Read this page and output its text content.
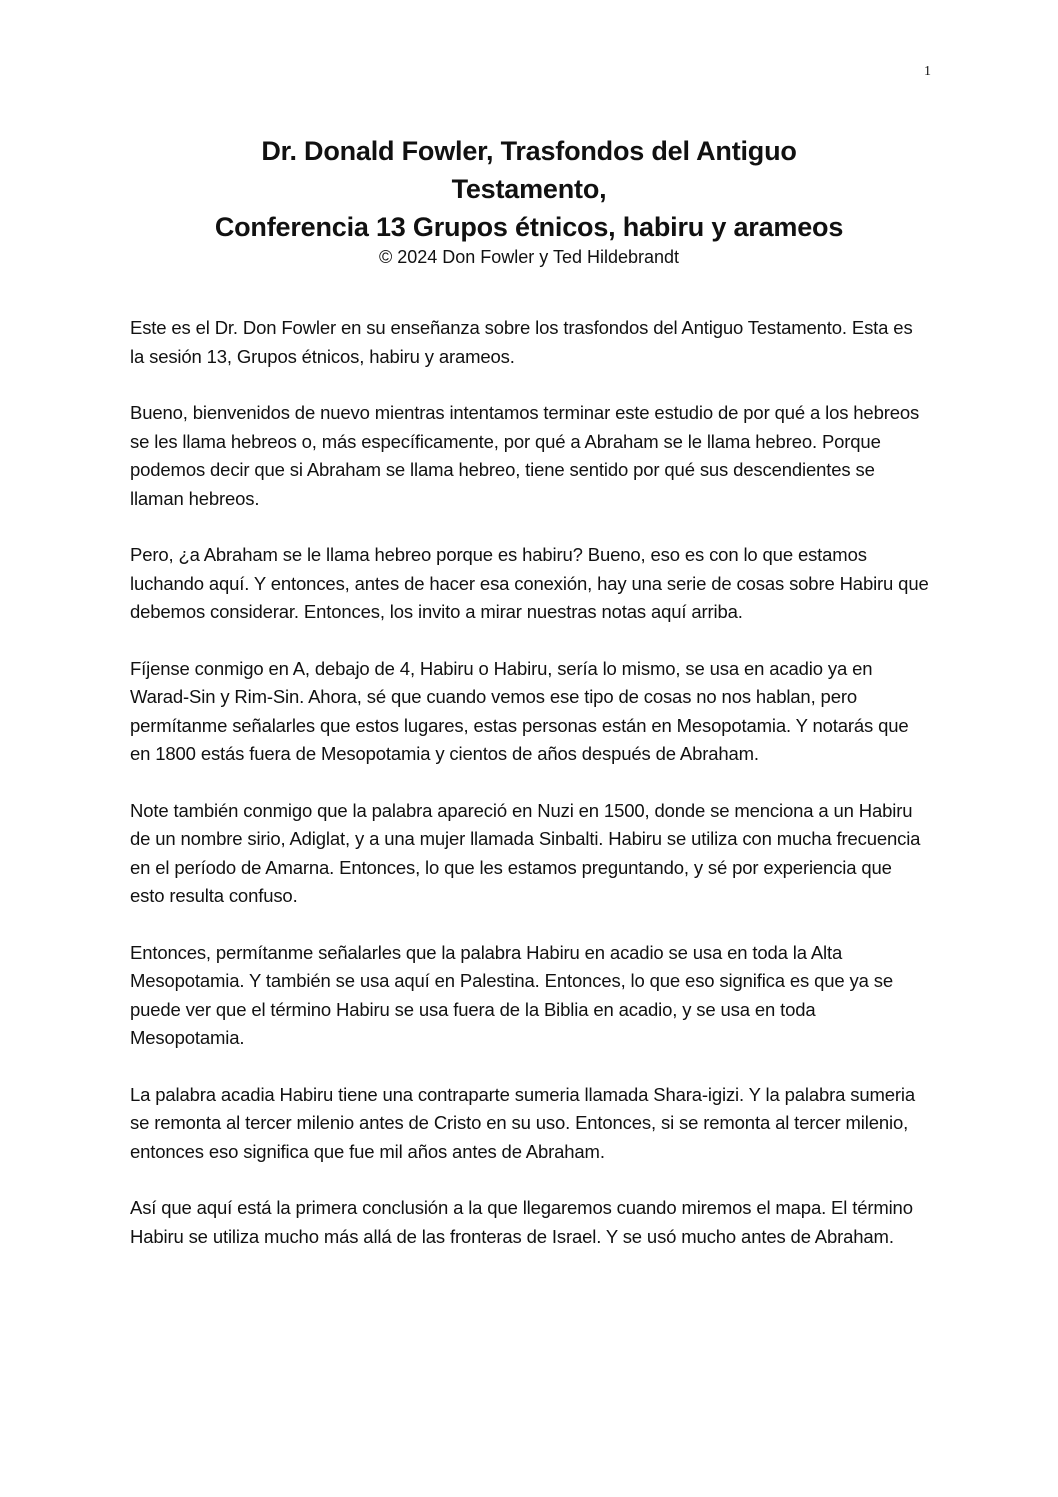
1
Dr. Donald Fowler, Trasfondos del Antiguo
Testamento,
Conferencia 13 Grupos étnicos, habiru y arameos
© 2024 Don Fowler y Ted Hildebrandt

Este es el Dr. Don Fowler en su enseñanza sobre los trasfondos del Antiguo Testamento. Esta es la sesión 13, Grupos étnicos, habiru y arameos.

Bueno, bienvenidos de nuevo mientras intentamos terminar este estudio de por qué a los hebreos se les llama hebreos o, más específicamente, por qué a Abraham se le llama hebreo. Porque podemos decir que si Abraham se llama hebreo, tiene sentido por qué sus descendientes se llaman hebreos.

Pero, ¿a Abraham se le llama hebreo porque es habiru? Bueno, eso es con lo que estamos luchando aquí. Y entonces, antes de hacer esa conexión, hay una serie de cosas sobre Habiru que debemos considerar. Entonces, los invito a mirar nuestras notas aquí arriba.

Fíjense conmigo en A, debajo de 4, Habiru o Habiru, sería lo mismo, se usa en acadio ya en Warad-Sin y Rim-Sin. Ahora, sé que cuando vemos ese tipo de cosas no nos hablan, pero permítanme señalarles que estos lugares, estas personas están en Mesopotamia. Y notarás que en 1800 estás fuera de Mesopotamia y cientos de años después de Abraham.

Note también conmigo que la palabra apareció en Nuzi en 1500, donde se menciona a un Habiru de un nombre sirio, Adiglat, y a una mujer llamada Sinbalti. Habiru se utiliza con mucha frecuencia en el período de Amarna. Entonces, lo que les estamos preguntando, y sé por experiencia que esto resulta confuso.

Entonces, permítanme señalarles que la palabra Habiru en acadio se usa en toda la Alta Mesopotamia. Y también se usa aquí en Palestina. Entonces, lo que eso significa es que ya se puede ver que el término Habiru se usa fuera de la Biblia en acadio, y se usa en toda Mesopotamia.

La palabra acadia Habiru tiene una contraparte sumeria llamada Shara-igizi. Y la palabra sumeria se remonta al tercer milenio antes de Cristo en su uso. Entonces, si se remonta al tercer milenio, entonces eso significa que fue mil años antes de Abraham.

Así que aquí está la primera conclusión a la que llegaremos cuando miremos el mapa. El término Habiru se utiliza mucho más allá de las fronteras de Israel. Y se usó mucho antes de Abraham.
